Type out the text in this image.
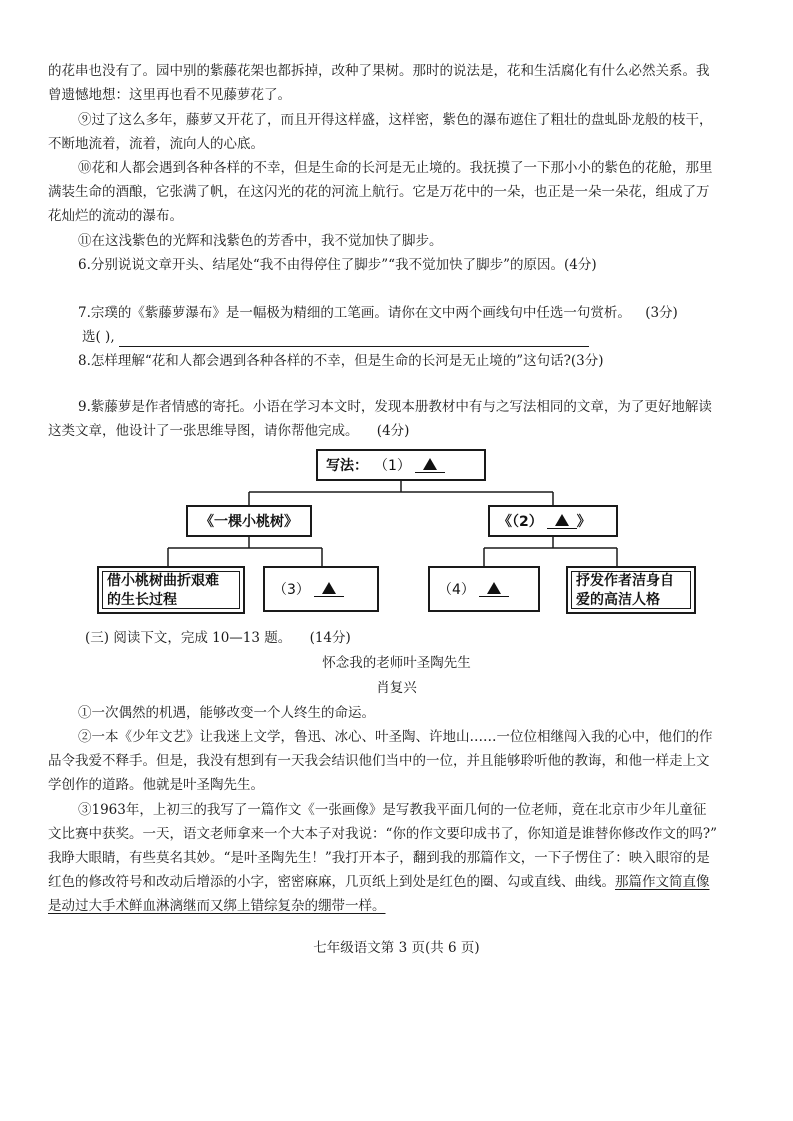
的花串也没有了。园中别的紫藤花架也都拆掉，改种了果树。那时的说法是，花和生活腐化有什么必然关系。我
曾遗憾地想：这里再也看不见藤萝花了。
⑨过了这么多年，藤萝又开花了，而且开得这样盛，这样密，紫色的瀑布遮住了粗壮的盘虬卧龙般的枝干，
不断地流着，流着，流向人的心底。
⑩花和人都会遇到各种各样的不幸，但是生命的长河是无止境的。我抚摸了一下那小小的紫色的花舱，那里
满装生命的酒酿，它张满了帆，在这闪光的花的河流上航行。它是万花中的一朵，也正是一朵一朵花，组成了万
花灿烂的流动的瀑布。
⑪在这浅紫色的光辉和浅紫色的芳香中，我不觉加快了脚步。
6.分别说说文章开头、结尾处“我不由得停住了脚步”“我不觉加快了脚步”的原因。(4分)
7.宗璞的《紫藤萝瀑布》是一幅极为精细的工笔画。请你在文中两个画线句中任选一句赏析。 (3分)
选( ),
8.怎样理解“花和人都会遇到各种各样的不幸，但是生命的长河是无止境的”这句话?(3分)
9.紫藤萝是作者情感的寄托。小语在学习本文时，发现本册教材中有与之写法相同的文章，为了更好地解读
这类文章，他设计了一张思维导图，请你帮他完成。 (4分)
写法： （1）
《一棵小桃树》	《（2） 》
借小桃树曲折艰难
的生长过程
（3）	（4）
抒发作者洁身自
爱的高洁人格
(三) 阅读下文，完成 10—13 题。 (14分)
怀念我的老师叶圣陶先生
肖复兴
①一次偶然的机遇，能够改变一个人终生的命运。
②一本《少年文艺》让我迷上文学，鲁迅、冰心、叶圣陶、许地山……一位位相继闯入我的心中，他们的作
品令我爱不释手。但是，我没有想到有一天我会结识他们当中的一位，并且能够聆听他的教诲，和他一样走上文
学创作的道路。他就是叶圣陶先生。
③1963年，上初三的我写了一篇作文《一张画像》是写教我平面几何的一位老师，竟在北京市少年儿童征
文比赛中获奖。一天，语文老师拿来一个大本子对我说：“你的作文要印成书了，你知道是谁替你修改作文的吗?”
我睁大眼睛，有些莫名其妙。“是叶圣陶先生！”我打开本子，翻到我的那篇作文，一下子愣住了：映入眼帘的是
红色的修改符号和改动后增添的小字，密密麻麻，几页纸上到处是红色的圈、勾或直线、曲线。那篇作文简直像
是动过大手术鲜血淋漓继而又绑上错综复杂的绷带一样。
七年级语文第 3 页(共 6 页)
